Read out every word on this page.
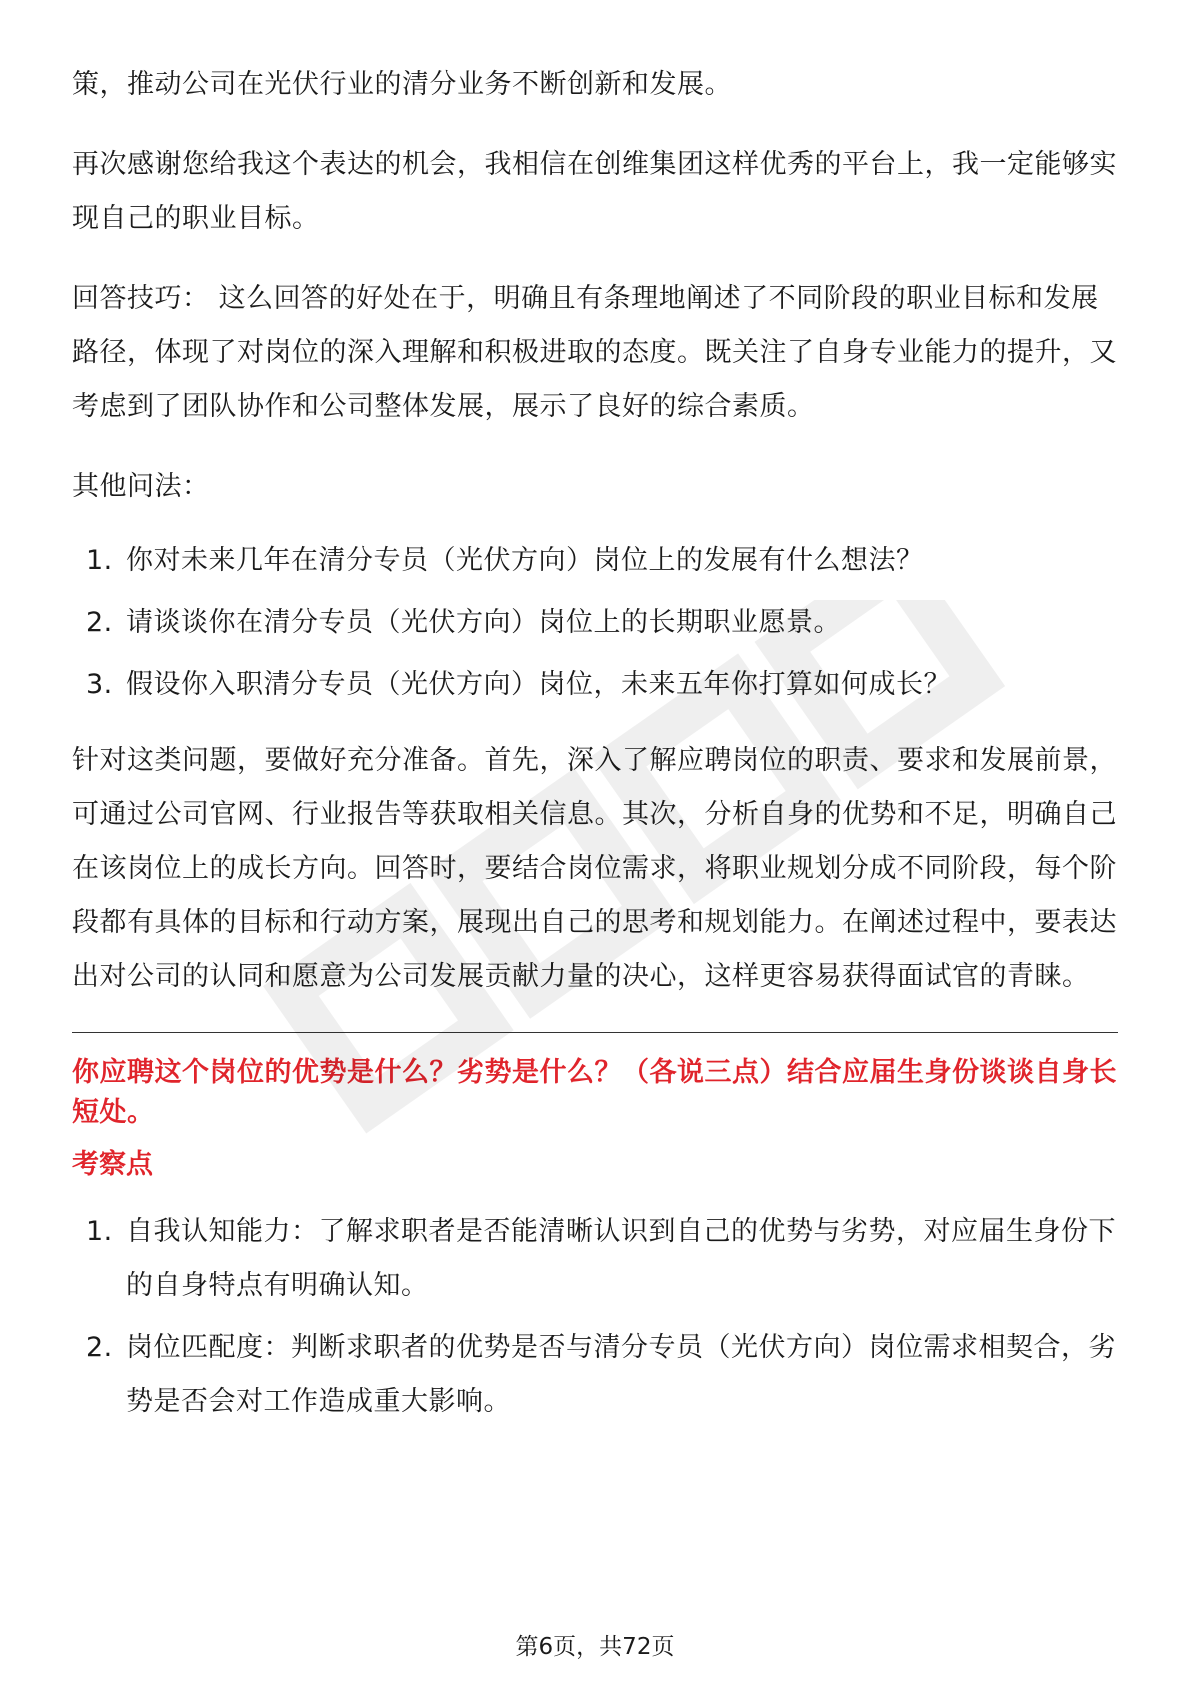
策，推动公司在光伏行业的清分业务不断创新和发展。

再次感谢您给我这个表达的机会，我相信在创维集团这样优秀的平台上，我一定能够实现自己的职业目标。

回答技巧： 这么回答的好处在于，明确且有条理地阐述了不同阶段的职业目标和发展路径，体现了对岗位的深入理解和积极进取的态度。既关注了自身专业能力的提升，又考虑到了团队协作和公司整体发展，展示了良好的综合素质。

其他问法：

1. 你对未来几年在清分专员（光伏方向）岗位上的发展有什么想法？
2. 请谈谈你在清分专员（光伏方向）岗位上的长期职业愿景。
3. 假设你入职清分专员（光伏方向）岗位，未来五年你打算如何成长？

针对这类问题，要做好充分准备。首先，深入了解应聘岗位的职责、要求和发展前景，可通过公司官网、行业报告等获取相关信息。其次，分析自身的优势和不足，明确自己在该岗位上的成长方向。回答时，要结合岗位需求，将职业规划分成不同阶段，每个阶段都有具体的目标和行动方案，展现出自己的思考和规划能力。在阐述过程中，要表达出对公司的认同和愿意为公司发展贡献力量的决心，这样更容易获得面试官的青睐。

你应聘这个岗位的优势是什么？劣势是什么？（各说三点）结合应届生身份谈谈自身长短处。
考察点
1. 自我认知能力：了解求职者是否能清晰认识到自己的优势与劣势，对应届生身份下的自身特点有明确认知。
2. 岗位匹配度：判断求职者的优势是否与清分专员（光伏方向）岗位需求相契合，劣势是否会对工作造成重大影响。
第6页，共72页
